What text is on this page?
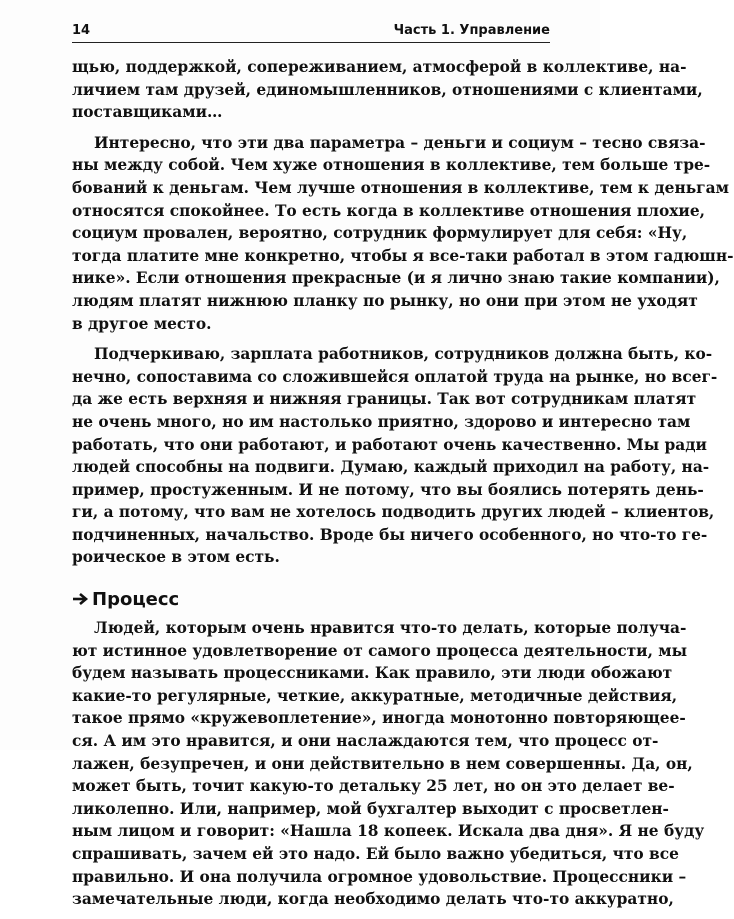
14	Часть 1. Управление
щью, поддержкой, сопереживанием, атмосферой в коллективе, на-
личием там друзей, единомышленников, отношениями с клиентами,
поставщиками…
Интересно, что эти два параметра – деньги и социум – тесно связа-
ны между собой. Чем хуже отношения в коллективе, тем больше тре-
бований к деньгам. Чем лучше отношения в коллективе, тем к деньгам
относятся спокойнее. То есть когда в коллективе отношения плохие,
социум провален, вероятно, сотрудник формулирует для себя: «Ну,
тогда платите мне конкретно, чтобы я все-таки работал в этом гадюшн-
нике». Если отношения прекрасные (и я лично знаю такие компании),
людям платят нижнюю планку по рынку, но они при этом не уходят
в другое место.
Подчеркиваю, зарплата работников, сотрудников должна быть, ко-
нечно, сопоставима со сложившейся оплатой труда на рынке, но всег-
да же есть верхняя и нижняя границы. Так вот сотрудникам платят
не очень много, но им настолько приятно, здорово и интересно там
работать, что они работают, и работают очень качественно. Мы ради
людей способны на подвиги. Думаю, каждый приходил на работу, на-
пример, простуженным. И не потому, что вы боялись потерять день-
ги, а потому, что вам не хотелось подводить других людей – клиентов,
подчиненных, начальство. Вроде бы ничего особенного, но что-то ге-
роическое в этом есть.
Процесс
Людей, которым очень нравится что-то делать, которые получа-
ют истинное удовлетворение от самого процесса деятельности, мы
будем называть процессниками. Как правило, эти люди обожают
какие-то регулярные, четкие, аккуратные, методичные действия,
такое прямо «кружевоплетение», иногда монотонно повторяющее-
ся. А им это нравится, и они наслаждаются тем, что процесс от-
лажен, безупречен, и они действительно в нем совершенны. Да, он,
может быть, точит какую-то детальку 25 лет, но он это делает ве-
ликолепно. Или, например, мой бухгалтер выходит с просветлен-
ным лицом и говорит: «Нашла 18 копеек. Искала два дня». Я не буду
спрашивать, зачем ей это надо. Ей было важно убедиться, что все
правильно. И она получила огромное удовольствие. Процессники –
замечательные люди, когда необходимо делать что-то аккуратно,
